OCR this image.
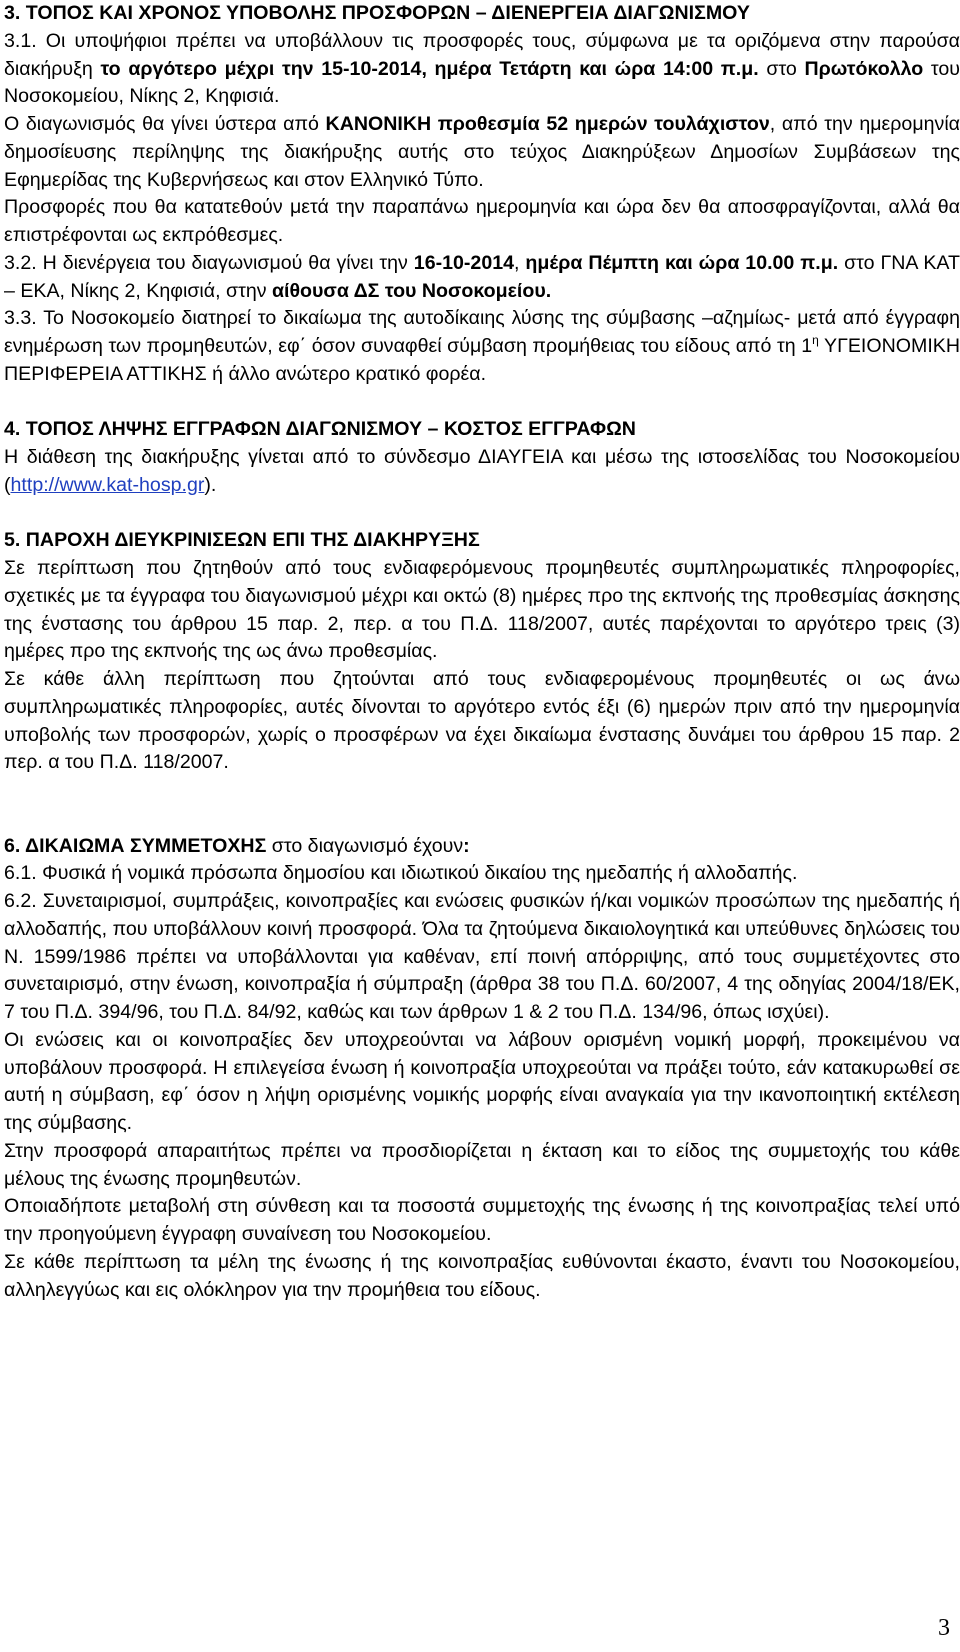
3. ΤΟΠΟΣ ΚΑΙ ΧΡΟΝΟΣ ΥΠΟΒΟΛΗΣ ΠΡΟΣΦΟΡΩΝ – ΔΙΕΝΕΡΓΕΙΑ ΔΙΑΓΩΝΙΣΜΟΥ

3.1. Οι υποψήφιοι πρέπει να υποβάλλουν τις προσφορές τους, σύμφωνα με τα οριζόμενα στην παρούσα διακήρυξη το αργότερο μέχρι την 15-10-2014, ημέρα Τετάρτη και ώρα 14:00 π.μ. στο Πρωτόκολλο του Νοσοκομείου, Νίκης 2, Κηφισιά.

Ο διαγωνισμός θα γίνει ύστερα από ΚΑΝΟΝΙΚΗ προθεσμία 52 ημερών τουλάχιστον, από την ημερομηνία δημοσίευσης περίληψης της διακήρυξης αυτής στο τεύχος Διακηρύξεων Δημοσίων Συμβάσεων της Εφημερίδας της Κυβερνήσεως και στον Ελληνικό Τύπο.

Προσφορές που θα κατατεθούν μετά την παραπάνω ημερομηνία και ώρα δεν θα αποσφραγίζονται, αλλά θα επιστρέφονται ως εκπρόθεσμες.

3.2. Η διενέργεια του διαγωνισμού θα γίνει την 16-10-2014, ημέρα Πέμπτη και ώρα 10.00 π.μ. στο ΓΝΑ ΚΑΤ – ΕΚΑ, Νίκης 2, Κηφισιά, στην αίθουσα ΔΣ του Νοσοκομείου.

3.3. Το Νοσοκομείο διατηρεί το δικαίωμα της αυτοδίκαιης λύσης της σύμβασης –αζημίως- μετά από έγγραφη ενημέρωση των προμηθευτών, εφ΄ όσον συναφθεί σύμβαση προμήθειας του είδους από τη $1^\eta$ ΥΓΕΙΟΝΟΜΙΚΗ ΠΕΡΙΦΕΡΕΙΑ ΑΤΤΙΚΗΣ ή άλλο ανώτερο κρατικό φορέα.

4. ΤΟΠΟΣ ΛΗΨΗΣ ΕΓΓΡΑΦΩΝ ΔΙΑΓΩΝΙΣΜΟΥ – ΚΟΣΤΟΣ ΕΓΓΡΑΦΩΝ

Η διάθεση της διακήρυξης γίνεται από το σύνδεσμο ΔΙΑΥΓΕΙΑ και μέσω της ιστοσελίδας του Νοσοκομείου (http://www.kat-hosp.gr).

5. ΠΑΡΟΧΗ ΔΙΕΥΚΡΙΝΙΣΕΩΝ ΕΠΙ ΤΗΣ ΔΙΑΚΗΡΥΞΗΣ

Σε περίπτωση που ζητηθούν από τους ενδιαφερόμενους προμηθευτές συμπληρωματικές πληροφορίες, σχετικές με τα έγγραφα του διαγωνισμού μέχρι και οκτώ (8) ημέρες προ της εκπνοής της προθεσμίας άσκησης της ένστασης του άρθρου 15 παρ. 2, περ. α του Π.Δ. 118/2007, αυτές παρέχονται το αργότερο τρεις (3) ημέρες προ της εκπνοής της ως άνω προθεσμίας.

Σε κάθε άλλη περίπτωση που ζητούνται από τους ενδιαφερομένους προμηθευτές οι ως άνω συμπληρωματικές πληροφορίες, αυτές δίνονται το αργότερο εντός έξι (6) ημερών πριν από την ημερομηνία υποβολής των προσφορών, χωρίς ο προσφέρων να έχει δικαίωμα ένστασης δυνάμει του άρθρου 15 παρ. 2 περ. α του Π.Δ. 118/2007.

6. ΔΙΚΑΙΩΜΑ ΣΥΜΜΕΤΟΧΗΣ στο διαγωνισμό έχουν:

6.1. Φυσικά ή νομικά πρόσωπα δημοσίου και ιδιωτικού δικαίου της ημεδαπής ή αλλοδαπής.

6.2. Συνεταιρισμοί, συμπράξεις, κοινοπραξίες και ενώσεις φυσικών ή/και νομικών προσώπων της ημεδαπής ή αλλοδαπής, που υποβάλλουν κοινή προσφορά. Όλα τα ζητούμενα δικαιολογητικά και υπεύθυνες δηλώσεις του Ν. 1599/1986 πρέπει να υποβάλλονται για καθέναν, επί ποινή απόρριψης, από τους συμμετέχοντες στο συνεταιρισμό, στην ένωση, κοινοπραξία ή σύμπραξη (άρθρα 38 του Π.Δ. 60/2007, 4 της οδηγίας 2004/18/ΕΚ, 7 του Π.Δ. 394/96, του Π.Δ. 84/92, καθώς και των άρθρων 1 & 2 του Π.Δ. 134/96, όπως ισχύει).

Οι ενώσεις και οι κοινοπραξίες δεν υποχρεούνται να λάβουν ορισμένη νομική μορφή, προκειμένου να υποβάλουν προσφορά. Η επιλεγείσα ένωση ή κοινοπραξία υποχρεούται να πράξει τούτο, εάν κατακυρωθεί σε αυτή η σύμβαση, εφ΄ όσον η λήψη ορισμένης νομικής μορφής είναι αναγκαία για την ικανοποιητική εκτέλεση της σύμβασης.

Στην προσφορά απαραιτήτως πρέπει να προσδιορίζεται η έκταση και το είδος της συμμετοχής του κάθε μέλους της ένωσης προμηθευτών.

Οποιαδήποτε μεταβολή στη σύνθεση και τα ποσοστά συμμετοχής της ένωσης ή της κοινοπραξίας τελεί υπό την προηγούμενη έγγραφη συναίνεση του Νοσοκομείου.

Σε κάθε περίπτωση τα μέλη της ένωσης ή της κοινοπραξίας ευθύνονται έκαστο, έναντι του Νοσοκομείου, αλληλεγγύως και εις ολόκληρον για την προμήθεια του είδους.

3
